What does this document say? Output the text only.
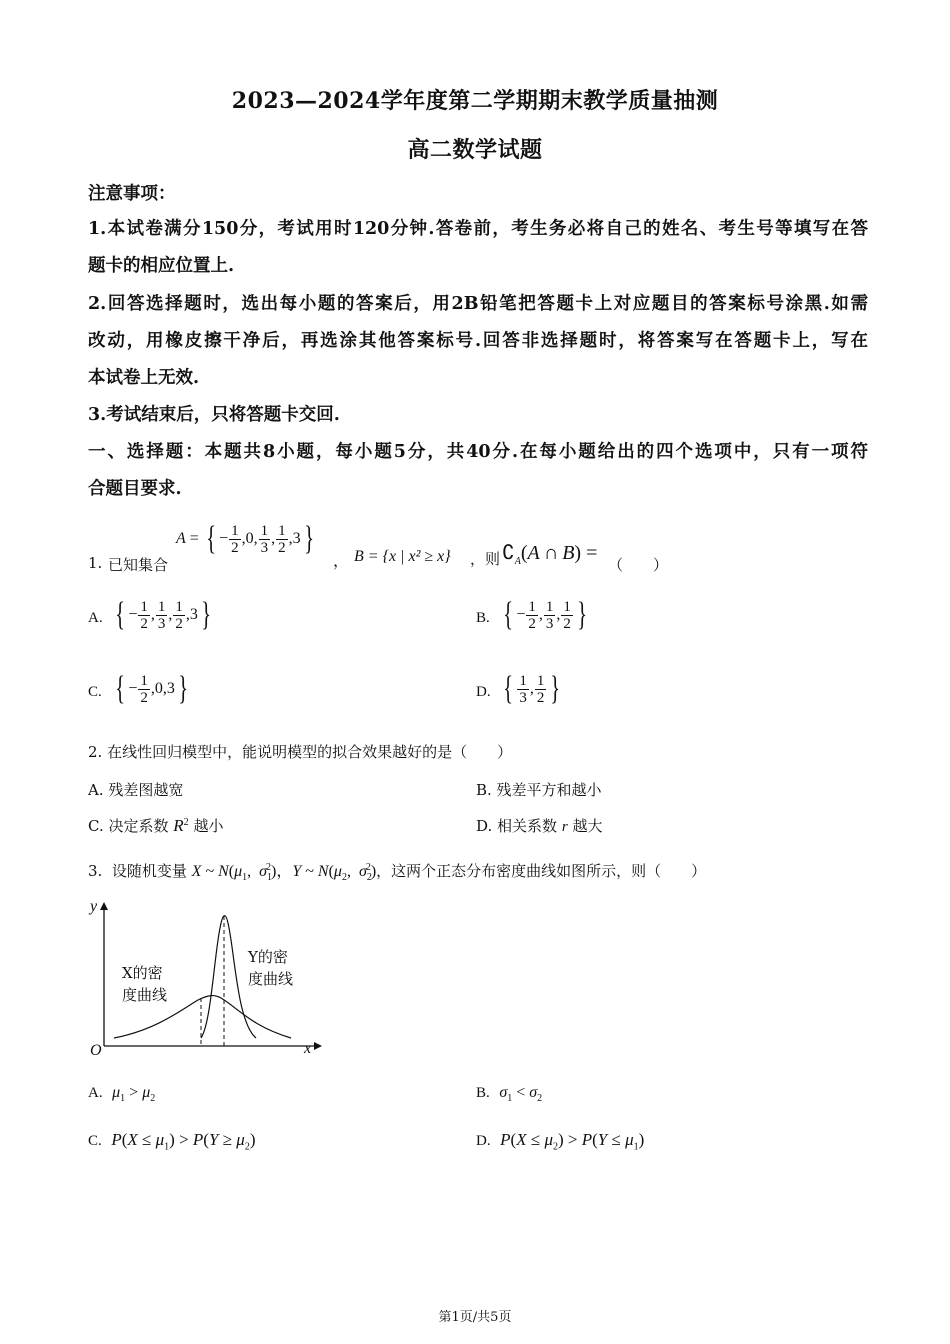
2023—2024学年度第二学期期末教学质量抽测
高二数学试题
注意事项：
1.本试卷满分150分，考试用时120分钟.答卷前，考生务必将自己的姓名、考生号等填写在答
题卡的相应位置上.
2.回答选择题时，选出每小题的答案后，用2B铅笔把答题卡上对应题目的答案标号涂黑.如需
改动，用橡皮擦干净后，再选涂其他答案标号.回答非选择题时，将答案写在答题卡上，写在
本试卷上无效.
3.考试结束后，只将答题卡交回.
一、选择题：本题共8小题，每小题5分，共40分.在每小题给出的四个选项中，只有一项符
合题目要求.
1. 已知集合
A = { − $\frac{1}{2} ,0$, $\frac{1}{3}$ , $\frac{1}{2} ,3$ }
， B = {x | x² ≥ x} ，则 $∁_A(A$ ∩ B) =
（　　）
A. { − $\frac{1}{2}$ , $\frac{1}{3}$ , $\frac{1}{2} ,3$ }	B. { − $\frac{1}{2}$ , $\frac{1}{3}$ , $\frac{1}{2}$ }
C. { − $\frac{1}{2} ,0,3$ }	D. { $\frac{1}{3}$ , $\frac{1}{2}$ }
2. 在线性回归模型中，能说明模型的拟合效果越好的是（　　）
A. 残差图越宽	B. 残差平方和越小
C. 决定系数 $R^2$ 越小	D. 相关系数 r 越大
3. 设随机变量 X ~ $N(\mu_1$,  $\sigma_1^2$)，Y ~ $N(\mu_2$,  $\sigma_2^2$)，这两个正态分布密度曲线如图所示，则（　　）
y
x
O
X的密
度曲线
Y的密
度曲线
A. $\mu_1 > \mu_2$	B. $\sigma_1 < \sigma_2$
C. $P(X \le \mu_1) > P(Y \ge \mu_2)$	D. $P(X \le \mu_2) > P(Y \le \mu_1)$
第1页/共5页
